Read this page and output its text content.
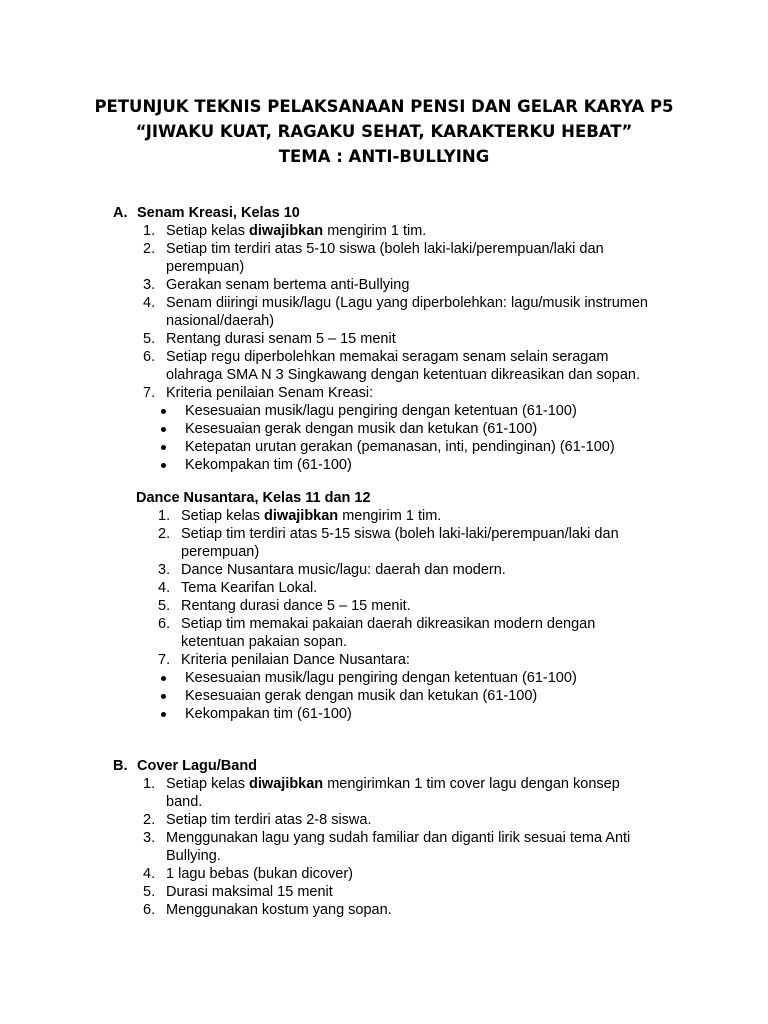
PETUNJUK TEKNIS PELAKSANAAN PENSI DAN GELAR KARYA P5
“JIWAKU KUAT, RAGAKU SEHAT, KARAKTERKU HEBAT”
TEMA : ANTI-BULLYING
A. Senam Kreasi, Kelas 10
1. Setiap kelas diwajibkan mengirim 1 tim.
2. Setiap tim terdiri atas 5-10 siswa (boleh laki-laki/perempuan/laki dan
perempuan)
3. Gerakan senam bertema anti-Bullying
4. Senam diiringi musik/lagu (Lagu yang diperbolehkan: lagu/musik instrumen
nasional/daerah)
5. Rentang durasi senam 5 – 15 menit
6. Setiap regu diperbolehkan memakai seragam senam selain seragam
olahraga SMA N 3 Singkawang dengan ketentuan dikreasikan dan sopan.
7. Kriteria penilaian Senam Kreasi:
Kesesuaian musik/lagu pengiring dengan ketentuan (61-100)
Kesesuaian gerak dengan musik dan ketukan (61-100)
Ketepatan urutan gerakan (pemanasan, inti, pendinginan) (61-100)
Kekompakan tim (61-100)
Dance Nusantara, Kelas 11 dan 12
1. Setiap kelas diwajibkan mengirim 1 tim.
2. Setiap tim terdiri atas 5-15 siswa (boleh laki-laki/perempuan/laki dan
perempuan)
3. Dance Nusantara music/lagu: daerah dan modern.
4. Tema Kearifan Lokal.
5. Rentang durasi dance 5 – 15 menit.
6. Setiap tim memakai pakaian daerah dikreasikan modern dengan
ketentuan pakaian sopan.
7. Kriteria penilaian Dance Nusantara:
Kesesuaian musik/lagu pengiring dengan ketentuan (61-100)
Kesesuaian gerak dengan musik dan ketukan (61-100)
Kekompakan tim (61-100)
B. Cover Lagu/Band
1. Setiap kelas diwajibkan mengirimkan 1 tim cover lagu dengan konsep
band.
2. Setiap tim terdiri atas 2-8 siswa.
3. Menggunakan lagu yang sudah familiar dan diganti lirik sesuai tema Anti
Bullying.
4. 1 lagu bebas (bukan dicover)
5. Durasi maksimal 15 menit
6. Menggunakan kostum yang sopan.
